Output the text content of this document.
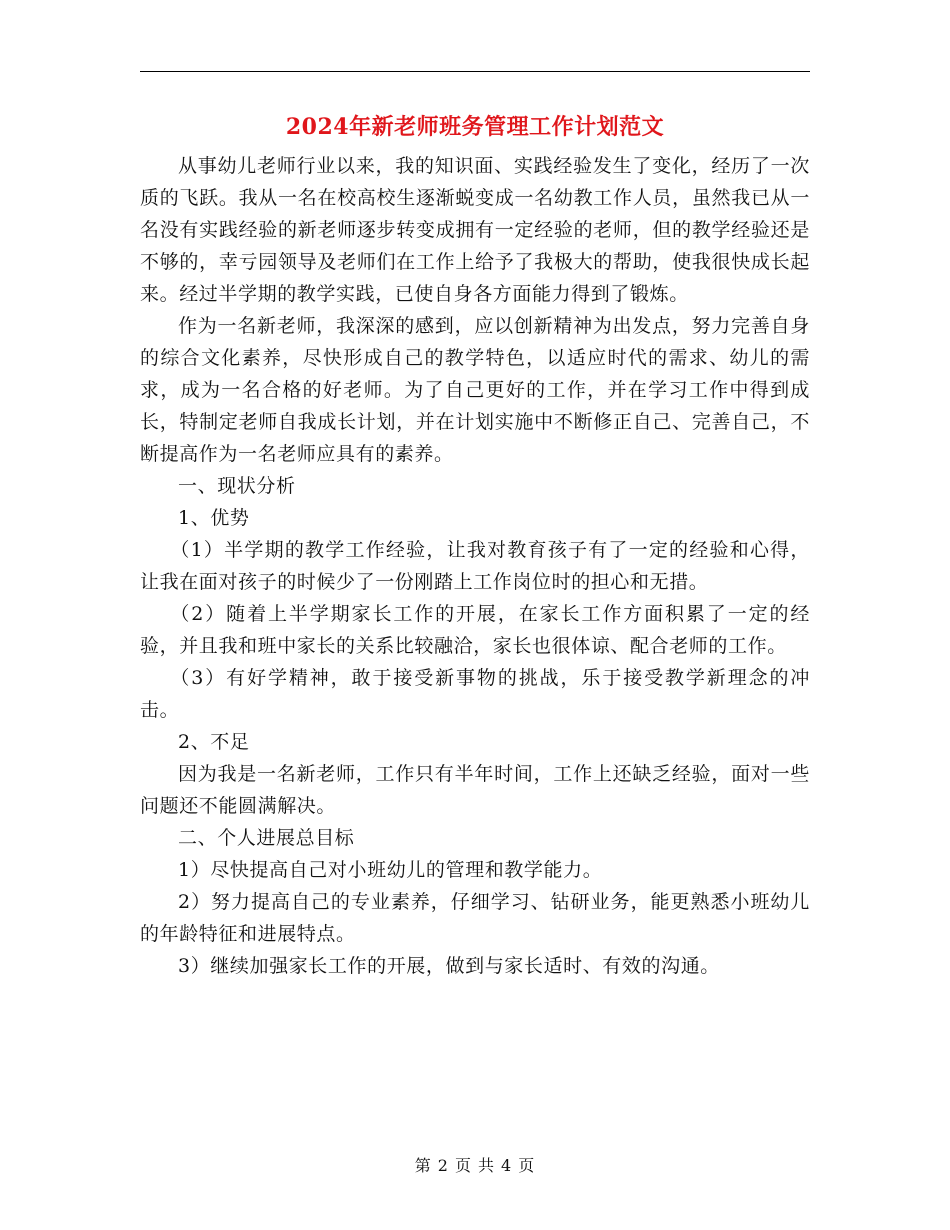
2024年新老师班务管理工作计划范文

从事幼儿老师行业以来，我的知识面、实践经验发生了变化，经历了一次质的飞跃。我从一名在校高校生逐渐蜕变成一名幼教工作人员，虽然我已从一名没有实践经验的新老师逐步转变成拥有一定经验的老师，但的教学经验还是不够的，幸亏园领导及老师们在工作上给予了我极大的帮助，使我很快成长起来。经过半学期的教学实践，已使自身各方面能力得到了锻炼。

作为一名新老师，我深深的感到，应以创新精神为出发点，努力完善自身的综合文化素养，尽快形成自己的教学特色，以适应时代的需求、幼儿的需求，成为一名合格的好老师。为了自己更好的工作，并在学习工作中得到成长，特制定老师自我成长计划，并在计划实施中不断修正自己、完善自己，不断提高作为一名老师应具有的素养。

一、现状分析

1、优势

（1）半学期的教学工作经验，让我对教育孩子有了一定的经验和心得，让我在面对孩子的时候少了一份刚踏上工作岗位时的担心和无措。

（2）随着上半学期家长工作的开展，在家长工作方面积累了一定的经验，并且我和班中家长的关系比较融洽，家长也很体谅、配合老师的工作。

（3）有好学精神，敢于接受新事物的挑战，乐于接受教学新理念的冲击。

2、不足

因为我是一名新老师，工作只有半年时间，工作上还缺乏经验，面对一些问题还不能圆满解决。

二、个人进展总目标

1）尽快提高自己对小班幼儿的管理和教学能力。

2）努力提高自己的专业素养，仔细学习、钻研业务，能更熟悉小班幼儿的年龄特征和进展特点。

3）继续加强家长工作的开展，做到与家长适时、有效的沟通。

第 2 页 共 4 页
